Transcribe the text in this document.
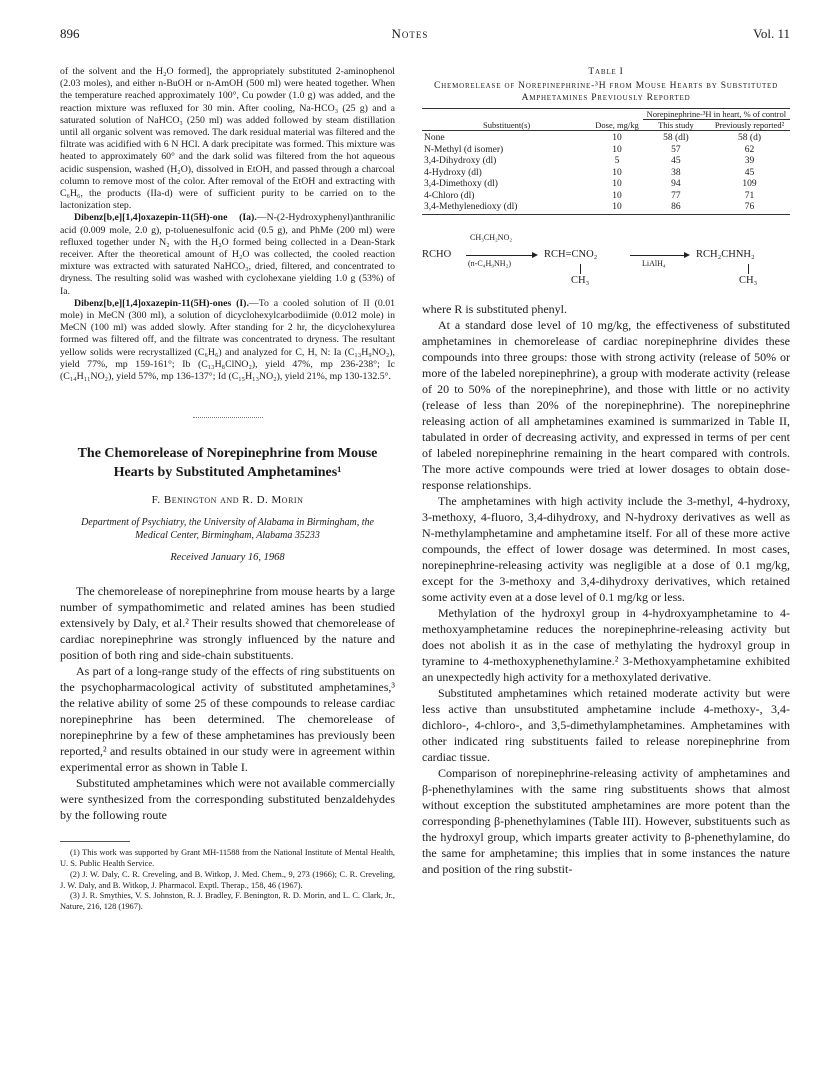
896	Notes	Vol. 11

of the solvent and the H₂O formed], the appropriately substituted 2-aminophenol (2.03 moles), and either n-BuOH or n-AmOH (500 ml) were heated together. When the temperature reached approximately 100°, Cu powder (1.0 g) was added, and the reaction mixture was refluxed for 30 min. After cooling, Na-HCO₃ (25 g) and a saturated solution of NaHCO₃ (250 ml) was added followed by steam distillation until all organic solvent was removed. The dark residual material was filtered and the filtrate was acidified with 6 N HCl. A dark precipitate was formed. This mixture was heated to approximately 60° and the dark solid was filtered from the hot aqueous acidic suspension, washed (H₂O), dissolved in EtOH, and passed through a charcoal column to remove most of the color. After removal of the EtOH and extracting with C₆H₆, the products (IIa-d) were of sufficient purity to be carried on to the lactonization step.

Dibenz[b,e][1,4]oxazepin-11(5H)-one (Ia).—N-(2-Hydroxyphenyl)anthranilic acid (0.009 mole, 2.0 g), p-toluenesulfonic acid (0.5 g), and PhMe (200 ml) were refluxed together under N₂ with the H₂O formed being collected in a Dean-Stark receiver. After the theoretical amount of H₂O was collected, the cooled reaction mixture was extracted with saturated NaHCO₃, dried, filtered, and concentrated to dryness. The resulting solid was washed with cyclohexane yielding 1.0 g (53%) of Ia.

Dibenz[b,e][1,4]oxazepin-11(5H)-ones (I).—To a cooled solution of II (0.01 mole) in MeCN (300 ml), a solution of dicyclohexylcarbodiimide (0.012 mole) in MeCN (100 ml) was added slowly. After standing for 2 hr, the dicyclohexylurea formed was filtered off, and the filtrate was concentrated to dryness. The resultant yellow solids were recrystallized (C₆H₆) and analyzed for C, H, N: Ia (C₁₃H₉NO₂), yield 77%, mp 159-161°; Ib (C₁₃H₈ClNO₂), yield 47%, mp 236-238°; Ic (C₁₄H₁₁NO₂), yield 57%, mp 136-137°; Id (C₁₅H₁₃NO₂), yield 21%, mp 130-132.5°.

The Chemorelease of Norepinephrine from Mouse Hearts by Substituted Amphetamines¹
F. Benington and R. D. Morin
Department of Psychiatry, the University of Alabama in Birmingham, the Medical Center, Birmingham, Alabama 35233
Received January 16, 1968

The chemorelease of norepinephrine from mouse hearts by a large number of sympathomimetic and related amines has been studied extensively by Daly, et al.² Their results showed that chemorelease of cardiac norepinephrine was strongly influenced by the nature and position of both ring and side-chain substituents.

As part of a long-range study of the effects of ring substituents on the psychopharmacological activity of substituted amphetamines,³ the relative ability of some 25 of these compounds to release cardiac norepinephrine has been determined. The chemorelease of norepinephrine by a few of these amphetamines has previously been reported,² and results obtained in our study were in agreement within experimental error as shown in Table I.

Substituted amphetamines which were not available commercially were synthesized from the corresponding substituted benzaldehydes by the following route

(1) This work was supported by Grant MH-11588 from the National Institute of Mental Health, U. S. Public Health Service.

(2) J. W. Daly, C. R. Creveling, and B. Witkop, J. Med. Chem., 9, 273 (1966); C. R. Creveling, J. W. Daly, and B. Witkop, J. Pharmacol. Exptl. Therap., 158, 46 (1967).

(3) J. R. Smythies, V. S. Johnston, R. J. Bradley, F. Benington, R. D. Morin, and L. C. Clark, Jr., Nature, 216, 128 (1967).

Table I
Chemorelease of Norepinephrine-³H from Mouse Hearts by Substituted Amphetamines Previously Reported
		Norepinephrine-³H in heart, % of control	
Substituent(s)	Dose, mg/kg	This study	Previously reported²

None	10	58 (dl)	58 (d)
N-Methyl (d isomer)	10	57	62
3,4-Dihydroxy (dl)	5	45	39
4-Hydroxy (dl)	10	38	45
3,4-Dimethoxy (dl)	10	94	109
4-Chloro (dl)	10	77	71
3,4-Methylenedioxy (dl)	10	86	76

RCHO
CH₃CH₂NO₂
(n-C₄H₉NH₂)
RCH=CNO₂
CH₃
LiAlH₄
RCH₂CHNH₂
CH₃

where R is substituted phenyl.

At a standard dose level of 10 mg/kg, the effectiveness of substituted amphetamines in chemorelease of cardiac norepinephrine divides these compounds into three groups: those with strong activity (release of 50% or more of the labeled norepinephrine), a group with moderate activity (release of 20 to 50% of the norepinephrine), and those with little or no activity (release of less than 20% of the norepinephrine). The norepinephrine releasing action of all amphetamines examined is summarized in Table II, tabulated in order of decreasing activity, and expressed in terms of per cent of labeled norepinephrine remaining in the heart compared with controls. The more active compounds were tried at lower dosages to obtain dose-response relationships.

The amphetamines with high activity include the 3-methyl, 4-hydroxy, 3-methoxy, 4-fluoro, 3,4-dihydroxy, and N-hydroxy derivatives as well as N-methylamphetamine and amphetamine itself. For all of these more active compounds, the effect of lower dosage was determined. In most cases, norepinephrine-releasing activity was negligible at a dose of 0.1 mg/kg, except for the 3-methoxy and 3,4-dihydroxy derivatives, which retained some activity even at a dose level of 0.1 mg/kg or less.

Methylation of the hydroxyl group in 4-hydroxyamphetamine to 4-methoxyamphetamine reduces the norepinephrine-releasing activity but does not abolish it as in the case of methylating the hydroxyl group in tyramine to 4-methoxyphenethylamine.² 3-Methoxyamphetamine exhibited an unexpectedly high activity for a methoxylated derivative.

Substituted amphetamines which retained moderate activity but were less active than unsubstituted amphetamine include 4-methoxy-, 3,4-dichloro-, 4-chloro-, and 3,5-dimethylamphetamines. Amphetamines with other indicated ring substituents failed to release norepinephrine from cardiac tissue.

Comparison of norepinephrine-releasing activity of amphetamines and β-phenethylamines with the same ring substituents shows that almost without exception the substituted amphetamines are more potent than the corresponding β-phenethylamines (Table III). However, substituents such as the hydroxyl group, which imparts greater activity to β-phenethylamine, do the same for amphetamine; this implies that in some instances the nature and position of the ring substit-
